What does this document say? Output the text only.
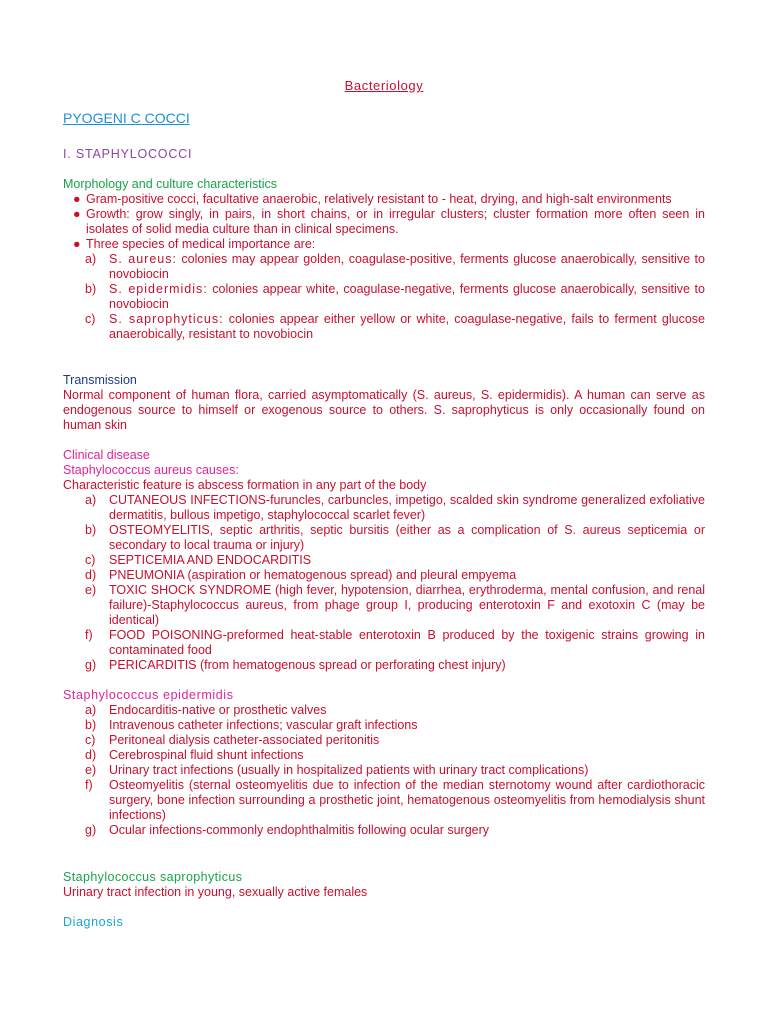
Bacteriology
PYOGENI C COCCI
I. STAPHYLOCOCCI
Morphology and culture characteristics
● Gram-positive cocci, facultative anaerobic, relatively resistant to - heat, drying, and high-salt environments
● Growth: grow singly, in pairs, in short chains, or in irregular clusters; cluster formation more often seen in isolates of solid media culture than in clinical specimens.
● Three species of medical importance are:
a) S. aureus: colonies may appear golden, coagulase-positive, ferments glucose anaerobically, sensitive to novobiocin
b) S. epidermidis: colonies appear white, coagulase-negative, ferments glucose anaerobically, sensitive to novobiocin
c) S. saprophyticus: colonies appear either yellow or white, coagulase-negative, fails to ferment glucose anaerobically, resistant to novobiocin
Transmission
Normal component of human flora, carried asymptomatically (S. aureus, S. epidermidis). A human can serve as endogenous source to himself or exogenous source to others. S. saprophyticus is only occasionally found on human skin
Clinical disease
Staphylococcus aureus causes:
Characteristic feature is abscess formation in any part of the body
a) CUTANEOUS INFECTIONS-furuncles, carbuncles, impetigo, scalded skin syndrome generalized exfoliative dermatitis, bullous impetigo, staphylococcal scarlet fever)
b) OSTEOMYELITIS, septic arthritis, septic bursitis (either as a complication of S. aureus septicemia or secondary to local trauma or injury)
c) SEPTICEMIA AND ENDOCARDITIS
d) PNEUMONIA (aspiration or hematogenous spread) and pleural empyema
e) TOXIC SHOCK SYNDROME (high fever, hypotension, diarrhea, erythroderma, mental confusion, and renal failure)-Staphylococcus aureus, from phage group I, producing enterotoxin F and exotoxin C (may be identical)
f) FOOD POISONING-preformed heat-stable enterotoxin B produced by the toxigenic strains growing in contaminated food
g) PERICARDITIS (from hematogenous spread or perforating chest injury)
Staphylococcus epidermidis
a) Endocarditis-native or prosthetic valves
b) Intravenous catheter infections; vascular graft infections
c) Peritoneal dialysis catheter-associated peritonitis
d) Cerebrospinal fluid shunt infections
e) Urinary tract infections (usually in hospitalized patients with urinary tract complications)
f) Osteomyelitis (sternal osteomyelitis due to infection of the median sternotomy wound after cardiothoracic surgery, bone infection surrounding a prosthetic joint, hematogenous osteomyelitis from hemodialysis shunt infections)
g) Ocular infections-commonly endophthalmitis following ocular surgery
Staphylococcus saprophyticus
Urinary tract infection in young, sexually active females
Diagnosis
